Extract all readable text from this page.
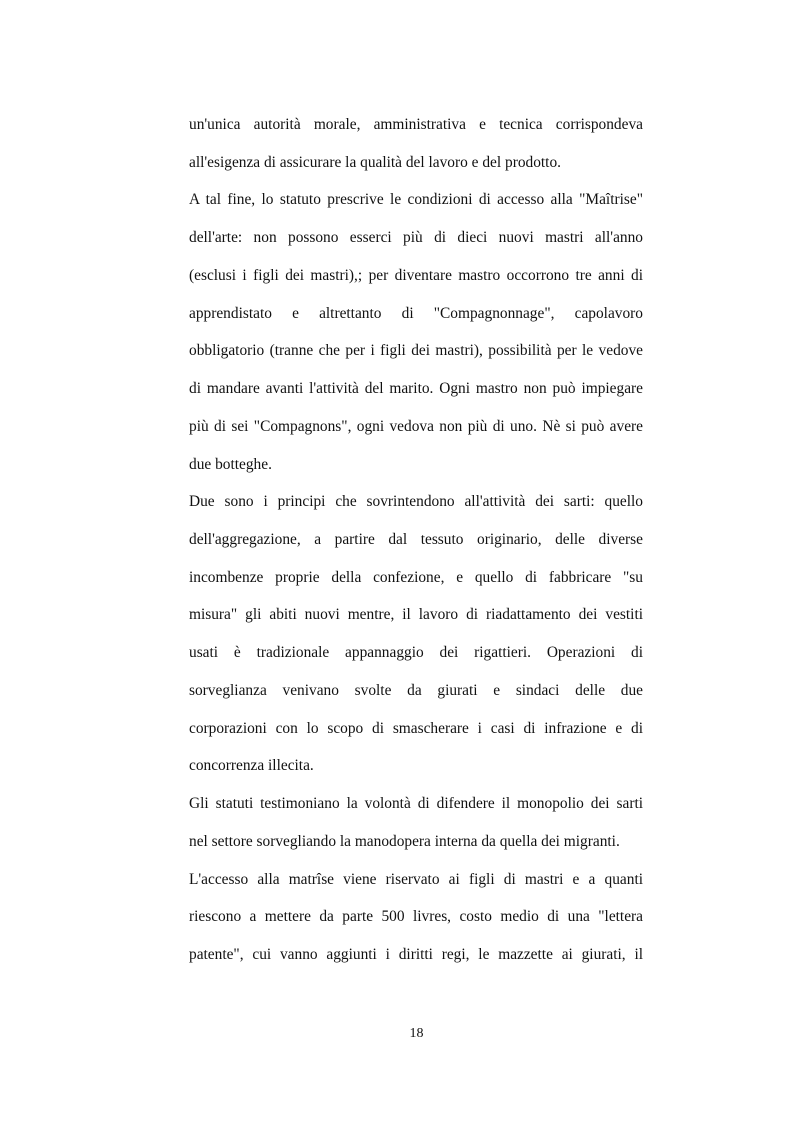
un'unica autorità morale, amministrativa e tecnica corrispondeva
all'esigenza di assicurare la qualità del lavoro e del prodotto.
A tal fine, lo statuto prescrive le condizioni di accesso alla "Maîtrise"
dell'arte: non possono esserci più di dieci nuovi mastri all'anno
(esclusi i figli dei mastri),; per diventare mastro occorrono tre anni di
apprendistato e altrettanto di "Compagnonnage", capolavoro
obbligatorio (tranne che per i figli dei mastri), possibilità per le vedove
di mandare avanti l'attività del marito. Ogni mastro non può impiegare
più di sei "Compagnons", ogni vedova non più di uno. Nè si può avere
due botteghe.
Due sono i principi che sovrintendono all'attività dei sarti: quello
dell'aggregazione, a partire dal tessuto originario, delle diverse
incombenze proprie della confezione, e quello di fabbricare "su
misura" gli abiti nuovi mentre, il lavoro di riadattamento dei vestiti
usati è tradizionale appannaggio dei rigattieri. Operazioni di
sorveglianza venivano svolte da giurati e sindaci delle due
corporazioni con lo scopo di smascherare i casi di infrazione e di
concorrenza illecita.
Gli statuti testimoniano la volontà di difendere il monopolio dei sarti
nel settore sorvegliando la manodopera interna da quella dei migranti.
L'accesso alla matrîse viene riservato ai figli di mastri e a quanti
riescono a mettere da parte 500 livres, costo medio di una "lettera
patente", cui vanno aggiunti i diritti regi, le mazzette ai giurati, il
18
